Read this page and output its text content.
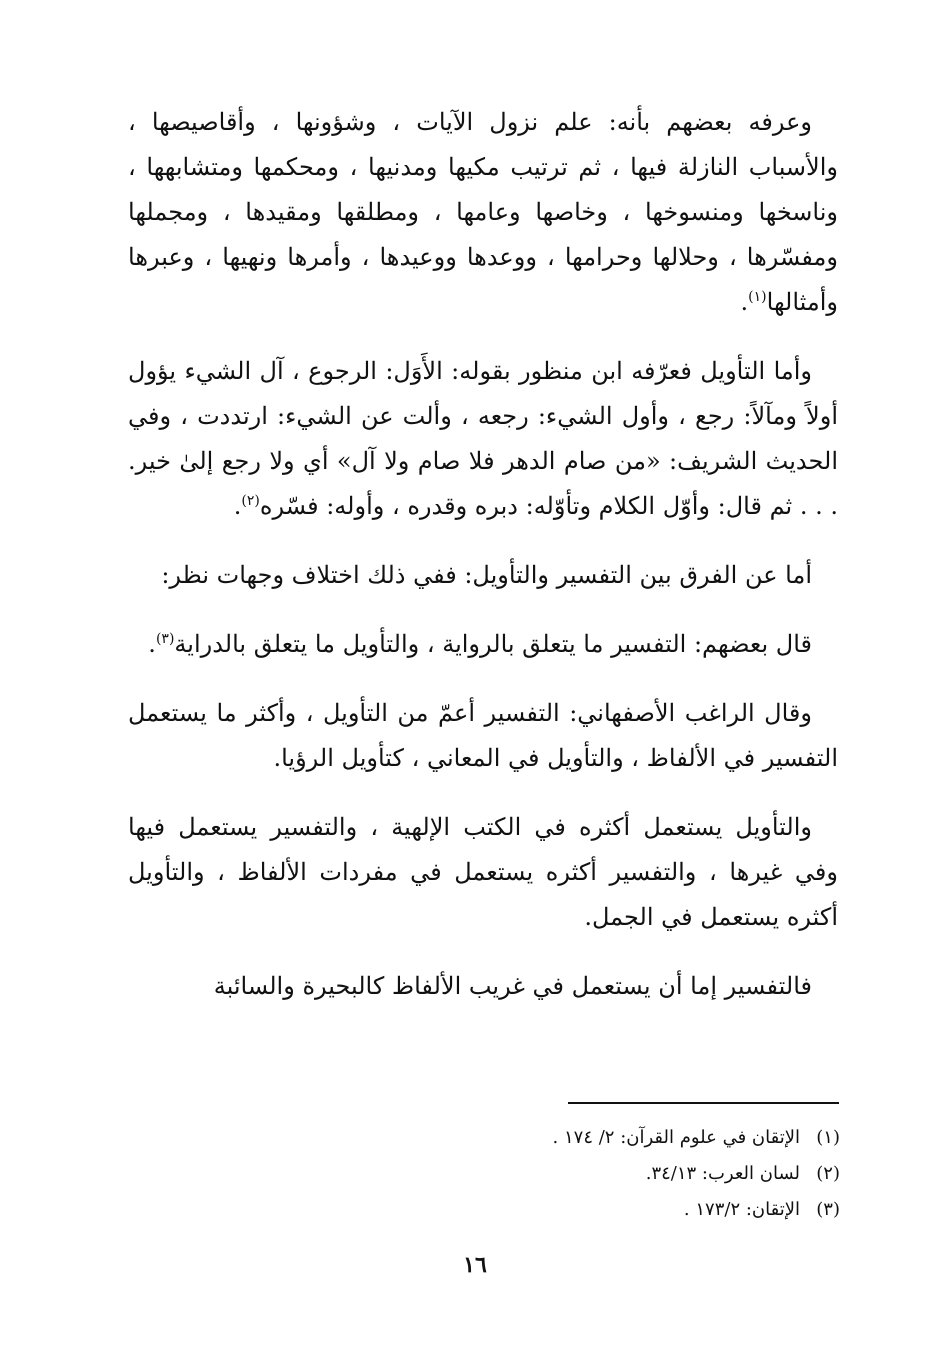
وعرفه بعضهم بأنه: علم نزول الآيات ، وشؤونها ، وأقاصيصها ، والأسباب النازلة فيها ، ثم ترتيب مكيها ومدنيها ، ومحكمها ومتشابهها ، وناسخها ومنسوخها ، وخاصها وعامها ، ومطلقها ومقيدها ، ومجملها ومفسّرها ، وحلالها وحرامها ، ووعدها ووعيدها ، وأمرها ونهيها ، وعبرها وأمثالها$^{(١)}$.

وأما التأويل فعرّفه ابن منظور بقوله: الأَوَل: الرجوع ، آل الشيء يؤول أولاً ومآلاً: رجع ، وأول الشيء: رجعه ، وألت عن الشيء: ارتددت ، وفي الحديث الشريف: «من صام الدهر فلا صام ولا آل» أي ولا رجع إلىٰ خير. . . . ثم قال: وأوّل الكلام وتأوّله: دبره وقدره ، وأوله: فسّره$^{(٢)}$.

أما عن الفرق بين التفسير والتأويل: ففي ذلك اختلاف وجهات نظر:

قال بعضهم: التفسير ما يتعلق بالرواية ، والتأويل ما يتعلق بالدراية$^{(٣)}$.

وقال الراغب الأصفهاني: التفسير أعمّ من التأويل ، وأكثر ما يستعمل التفسير في الألفاظ ، والتأويل في المعاني ، كتأويل الرؤيا.

والتأويل يستعمل أكثره في الكتب الإلهية ، والتفسير يستعمل فيها وفي غيرها ، والتفسير أكثره يستعمل في مفردات الألفاظ ، والتأويل أكثره يستعمل في الجمل.

فالتفسير إما أن يستعمل في غريب الألفاظ كالبحيرة والسائبة

(١)الإتقان في علوم القرآن: ٢/ ١٧٤ .
(٢)لسان العرب: ٣٤/١٣.
(٣)الإتقان: ١٧٣/٢ .
١٦
